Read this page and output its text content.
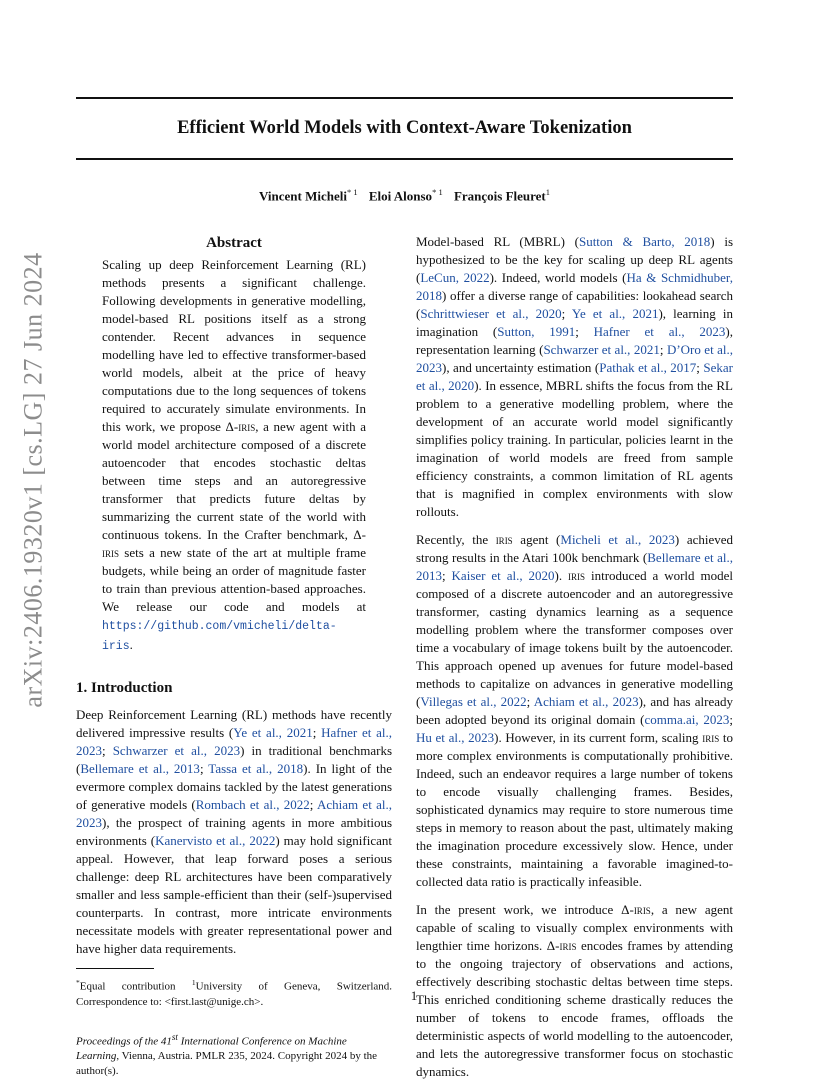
arXiv:2406.19320v1 [cs.LG] 27 Jun 2024
Efficient World Models with Context-Aware Tokenization
Vincent Micheli$^{* 1}$ Eloi Alonso$^{* 1}$ François Fleuret$^1$
Abstract
Scaling up deep Reinforcement Learning (RL) methods presents a significant challenge. Following developments in generative modelling, model-based RL positions itself as a strong contender. Recent advances in sequence modelling have led to effective transformer-based world models, albeit at the price of heavy computations due to the long sequences of tokens required to accurately simulate environments. In this work, we propose Δ-iris, a new agent with a world model architecture composed of a discrete autoencoder that encodes stochastic deltas between time steps and an autoregressive transformer that predicts future deltas by summarizing the current state of the world with continuous tokens. In the Crafter benchmark, Δ-iris sets a new state of the art at multiple frame budgets, while being an order of magnitude faster to train than previous attention-based approaches. We release our code and models at https://github.com/vmicheli/delta-iris.
1. Introduction

Deep Reinforcement Learning (RL) methods have recently delivered impressive results (Ye et al., 2021; Hafner et al., 2023; Schwarzer et al., 2023) in traditional benchmarks (Bellemare et al., 2013; Tassa et al., 2018). In light of the evermore complex domains tackled by the latest generations of generative models (Rombach et al., 2022; Achiam et al., 2023), the prospect of training agents in more ambitious environments (Kanervisto et al., 2022) may hold significant appeal. However, that leap forward poses a serious challenge: deep RL architectures have been comparatively smaller and less sample-efficient than their (self-)supervised counterparts. In contrast, more intricate environments necessitate models with greater representational power and have higher data requirements.

*Equal contribution $^1$University of Geneva, Switzerland. Correspondence to: <first.last@unige.ch>.

Proceedings of the 41st International Conference on Machine Learning, Vienna, Austria. PMLR 235, 2024. Copyright 2024 by the author(s).

Model-based RL (MBRL) (Sutton & Barto, 2018) is hypothesized to be the key for scaling up deep RL agents (LeCun, 2022). Indeed, world models (Ha & Schmidhuber, 2018) offer a diverse range of capabilities: lookahead search (Schrittwieser et al., 2020; Ye et al., 2021), learning in imagination (Sutton, 1991; Hafner et al., 2023), representation learning (Schwarzer et al., 2021; D’Oro et al., 2023), and uncertainty estimation (Pathak et al., 2017; Sekar et al., 2020). In essence, MBRL shifts the focus from the RL problem to a generative modelling problem, where the development of an accurate world model significantly simplifies policy training. In particular, policies learnt in the imagination of world models are freed from sample efficiency constraints, a common limitation of RL agents that is magnified in complex environments with slow rollouts.

Recently, the iris agent (Micheli et al., 2023) achieved strong results in the Atari 100k benchmark (Bellemare et al., 2013; Kaiser et al., 2020). iris introduced a world model composed of a discrete autoencoder and an autoregressive transformer, casting dynamics learning as a sequence modelling problem where the transformer composes over time a vocabulary of image tokens built by the autoencoder. This approach opened up avenues for future model-based methods to capitalize on advances in generative modelling (Villegas et al., 2022; Achiam et al., 2023), and has already been adopted beyond its original domain (comma.ai, 2023; Hu et al., 2023). However, in its current form, scaling iris to more complex environments is computationally prohibitive. Indeed, such an endeavor requires a large number of tokens to encode visually challenging frames. Besides, sophisticated dynamics may require to store numerous time steps in memory to reason about the past, ultimately making the imagination procedure excessively slow. Hence, under these constraints, maintaining a favorable imagined-to-collected data ratio is practically infeasible.

In the present work, we introduce Δ-iris, a new agent capable of scaling to visually complex environments with lengthier time horizons. Δ-iris encodes frames by attending to the ongoing trajectory of observations and actions, effectively describing stochastic deltas between time steps. This enriched conditioning scheme drastically reduces the number of tokens to encode frames, offloads the deterministic aspects of world modelling to the autoencoder, and lets the autoregressive transformer focus on stochastic dynamics.

1
